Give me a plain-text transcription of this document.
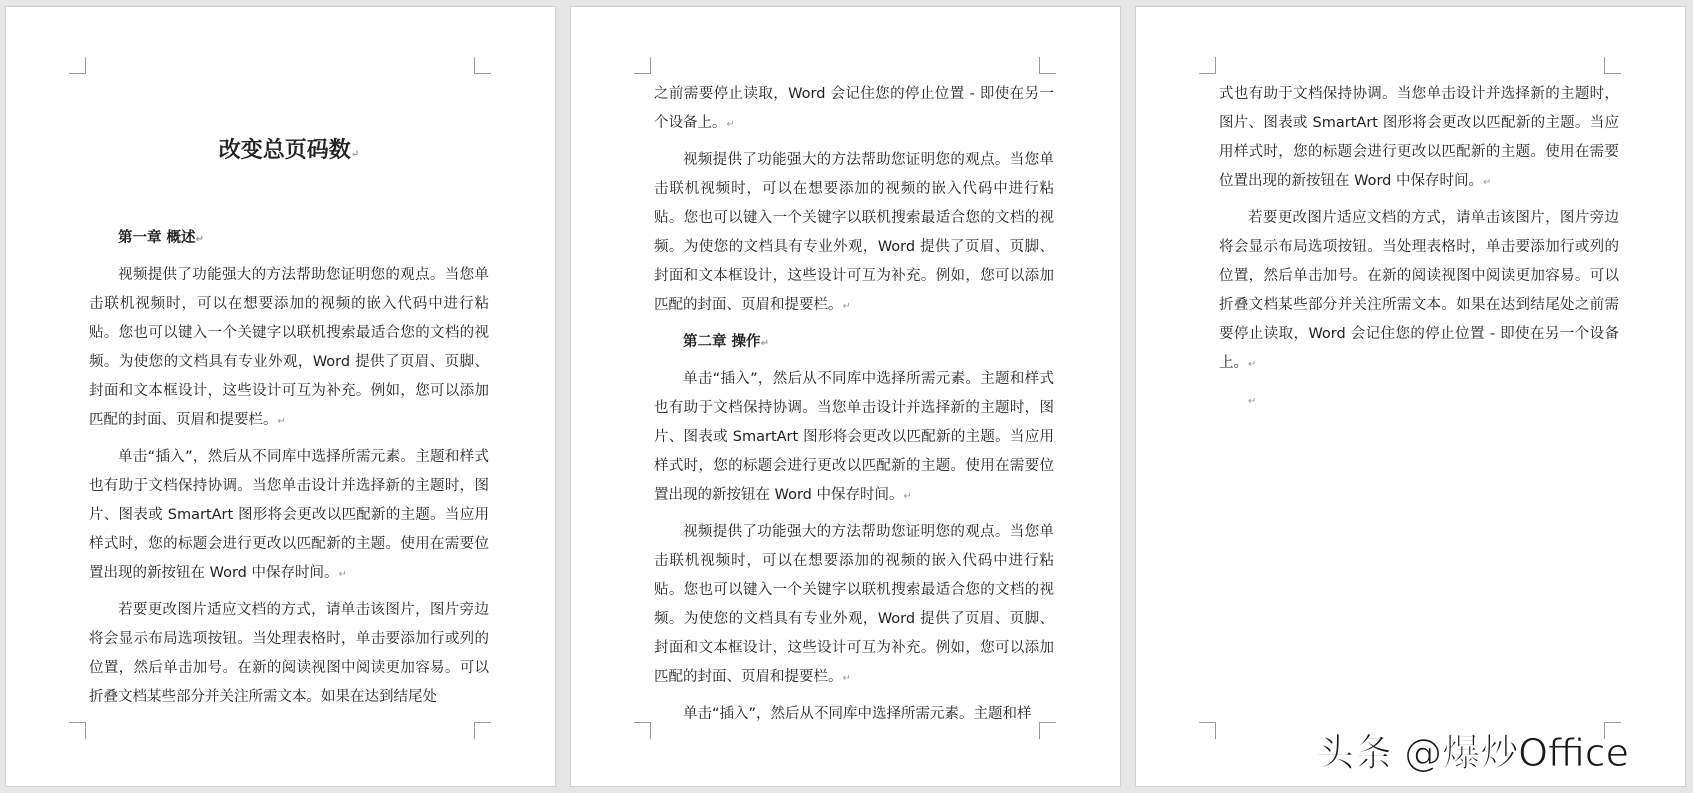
改变总页码数↵

第一章 概述↵

视频提供了功能强大的方法帮助您证明您的观点。当您单击联机视频时，可以在想要添加的视频的嵌入代码中进行粘贴。您也可以键入一个关键字以联机搜索最适合您的文档的视频。为使您的文档具有专业外观，Word 提供了页眉、页脚、封面和文本框设计，这些设计可互为补充。例如，您可以添加匹配的封面、页眉和提要栏。↵

单击“插入”，然后从不同库中选择所需元素。主题和样式也有助于文档保持协调。当您单击设计并选择新的主题时，图片、图表或 SmartArt 图形将会更改以匹配新的主题。当应用样式时，您的标题会进行更改以匹配新的主题。使用在需要位置出现的新按钮在 Word 中保存时间。↵

若要更改图片适应文档的方式，请单击该图片，图片旁边将会显示布局选项按钮。当处理表格时，单击要添加行或列的位置，然后单击加号。在新的阅读视图中阅读更加容易。可以折叠文档某些部分并关注所需文本。如果在达到结尾处

之前需要停止读取，Word 会记住您的停止位置 - 即使在另一个设备上。↵

视频提供了功能强大的方法帮助您证明您的观点。当您单击联机视频时，可以在想要添加的视频的嵌入代码中进行粘贴。您也可以键入一个关键字以联机搜索最适合您的文档的视频。为使您的文档具有专业外观，Word 提供了页眉、页脚、封面和文本框设计，这些设计可互为补充。例如，您可以添加匹配的封面、页眉和提要栏。↵

第二章 操作↵

单击“插入”，然后从不同库中选择所需元素。主题和样式也有助于文档保持协调。当您单击设计并选择新的主题时，图片、图表或 SmartArt 图形将会更改以匹配新的主题。当应用样式时，您的标题会进行更改以匹配新的主题。使用在需要位置出现的新按钮在 Word 中保存时间。↵

视频提供了功能强大的方法帮助您证明您的观点。当您单击联机视频时，可以在想要添加的视频的嵌入代码中进行粘贴。您也可以键入一个关键字以联机搜索最适合您的文档的视频。为使您的文档具有专业外观，Word 提供了页眉、页脚、封面和文本框设计，这些设计可互为补充。例如，您可以添加匹配的封面、页眉和提要栏。↵

单击“插入”，然后从不同库中选择所需元素。主题和样

式也有助于文档保持协调。当您单击设计并选择新的主题时，图片、图表或 SmartArt 图形将会更改以匹配新的主题。当应用样式时，您的标题会进行更改以匹配新的主题。使用在需要位置出现的新按钮在 Word 中保存时间。↵

若要更改图片适应文档的方式，请单击该图片，图片旁边将会显示布局选项按钮。当处理表格时，单击要添加行或列的位置，然后单击加号。在新的阅读视图中阅读更加容易。可以折叠文档某些部分并关注所需文本。如果在达到结尾处之前需要停止读取，Word 会记住您的停止位置 - 即使在另一个设备上。↵

↵

头条 @爆炒Office
